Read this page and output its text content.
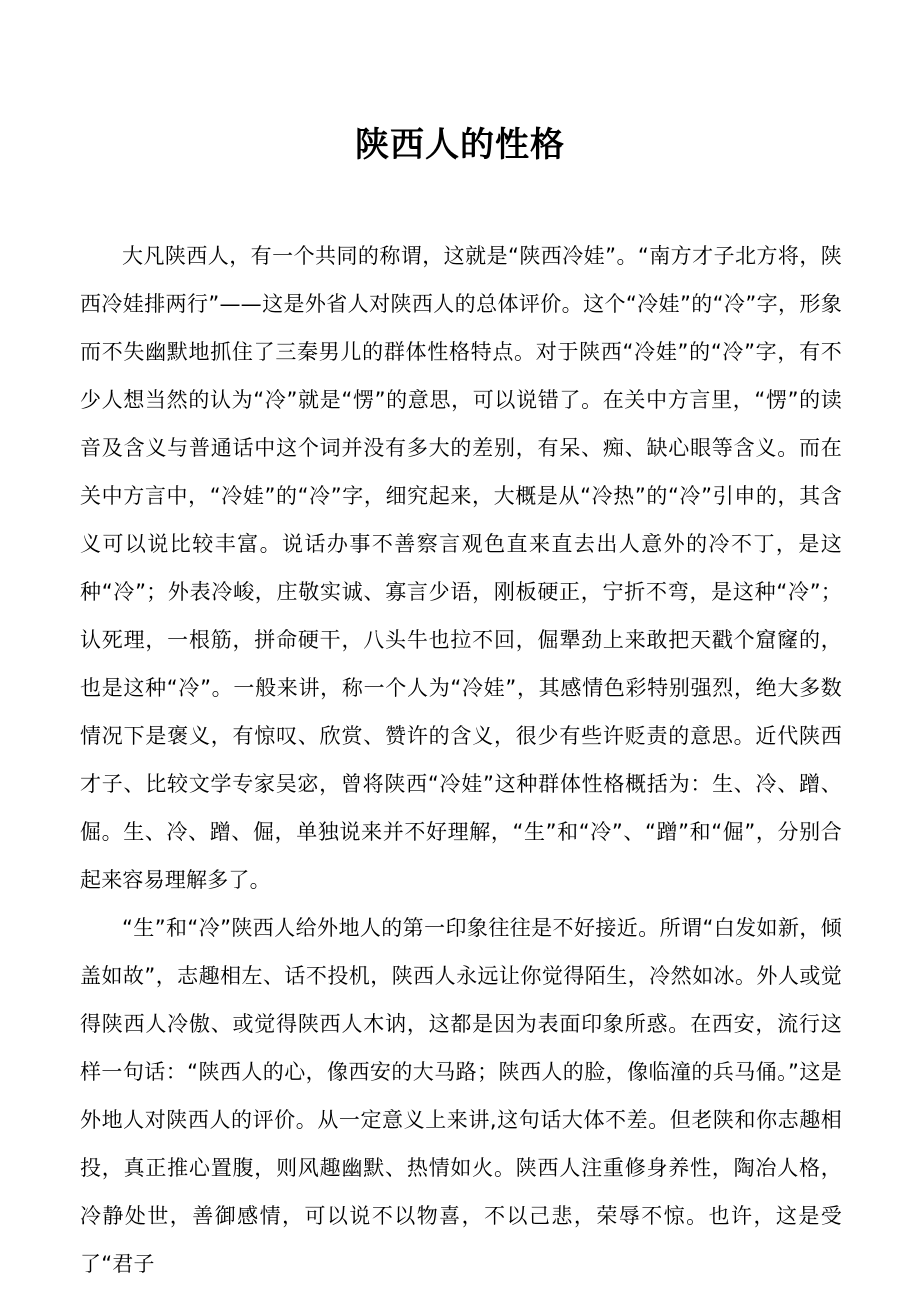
陕西人的性格

大凡陕西人，有一个共同的称谓，这就是“陕西冷娃”。“南方才子北方将，陕西冷娃排两行”——这是外省人对陕西人的总体评价。这个“冷娃”的“冷”字，形象而不失幽默地抓住了三秦男儿的群体性格特点。对于陕西“冷娃”的“冷”字，有不少人想当然的认为“冷”就是“愣”的意思，可以说错了。在关中方言里，“愣”的读音及含义与普通话中这个词并没有多大的差别，有呆、痴、缺心眼等含义。而在关中方言中，“冷娃”的“冷”字，细究起来，大概是从“冷热”的“冷”引申的，其含义可以说比较丰富。说话办事不善察言观色直来直去出人意外的冷不丁，是这种“冷”；外表冷峻，庄敬实诚、寡言少语，刚板硬正，宁折不弯，是这种“冷”；认死理，一根筋，拼命硬干，八头牛也拉不回，倔犟劲上来敢把天戳个窟窿的，也是这种“冷”。一般来讲，称一个人为“冷娃”，其感情色彩特别强烈，绝大多数情况下是褒义，有惊叹、欣赏、赞许的含义，很少有些许贬责的意思。近代陕西才子、比较文学专家吴宓，曾将陕西“冷娃”这种群体性格概括为：生、冷、蹭、倔。生、冷、蹭、倔，单独说来并不好理解，“生”和“冷”、“蹭”和“倔”，分别合起来容易理解多了。

“生”和“冷”陕西人给外地人的第一印象往往是不好接近。所谓“白发如新，倾盖如故”，志趣相左、话不投机，陕西人永远让你觉得陌生，冷然如冰。外人或觉得陕西人冷傲、或觉得陕西人木讷，这都是因为表面印象所惑。在西安，流行这样一句话：“陕西人的心，像西安的大马路；陕西人的脸，像临潼的兵马俑。”这是外地人对陕西人的评价。从一定意义上来讲,这句话大体不差。但老陕和你志趣相投，真正推心置腹，则风趣幽默、热情如火。陕西人注重修身养性，陶冶人格，冷静处世，善御感情，可以说不以物喜，不以己悲，荣辱不惊。也许，这是受了“君子
